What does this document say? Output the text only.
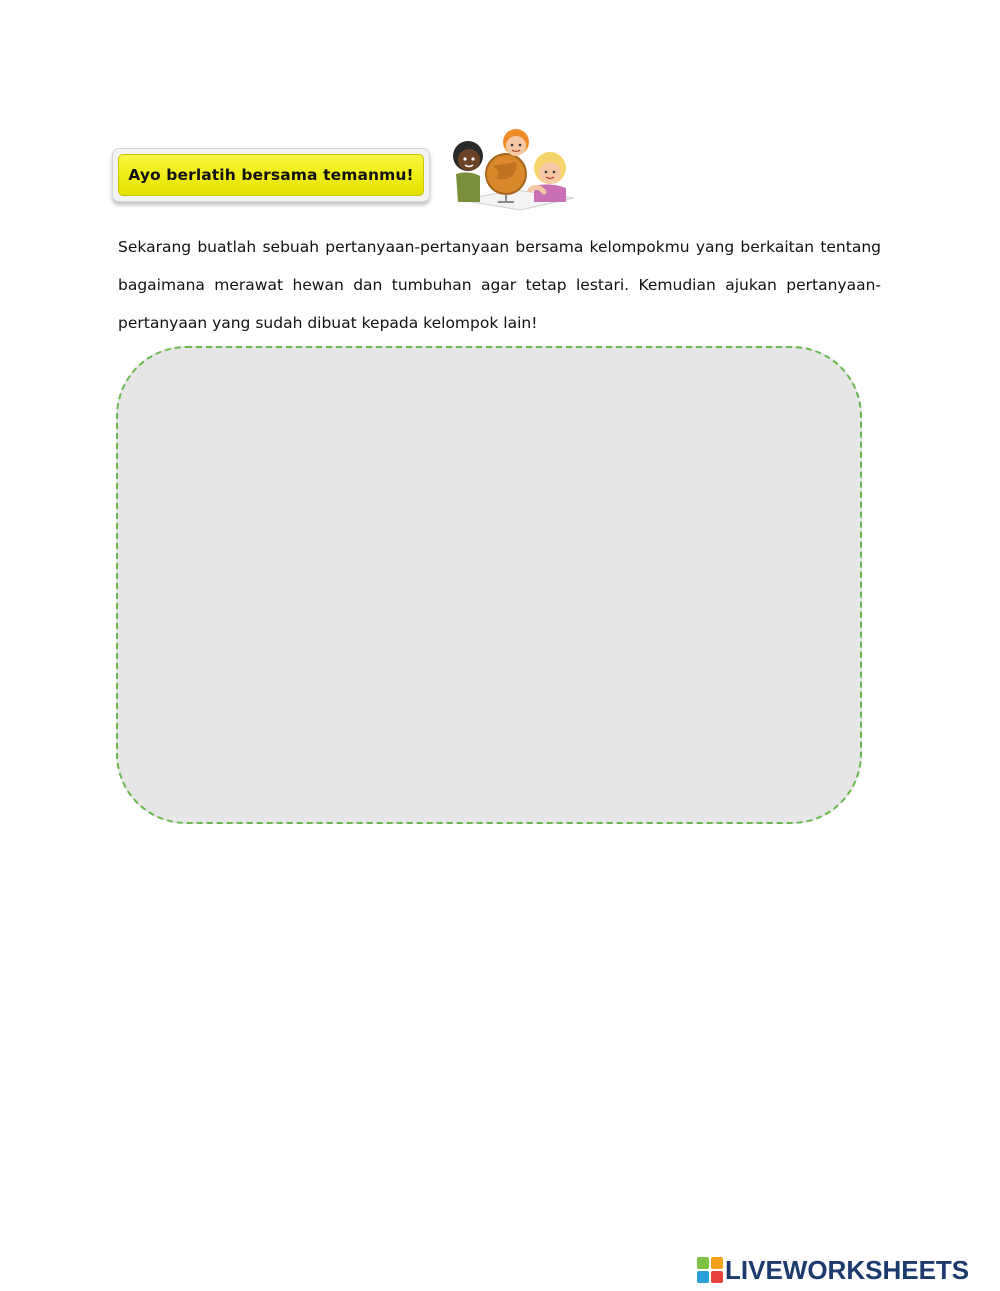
Ayo berlatih bersama temanmu!

Sekarang buatlah sebuah pertanyaan-pertanyaan bersama kelompokmu yang berkaitan tentang bagaimana merawat hewan dan tumbuhan agar tetap lestari. Kemudian ajukan pertanyaan-pertanyaan yang sudah dibuat kepada kelompok lain!

LIVEWORKSHEETS
